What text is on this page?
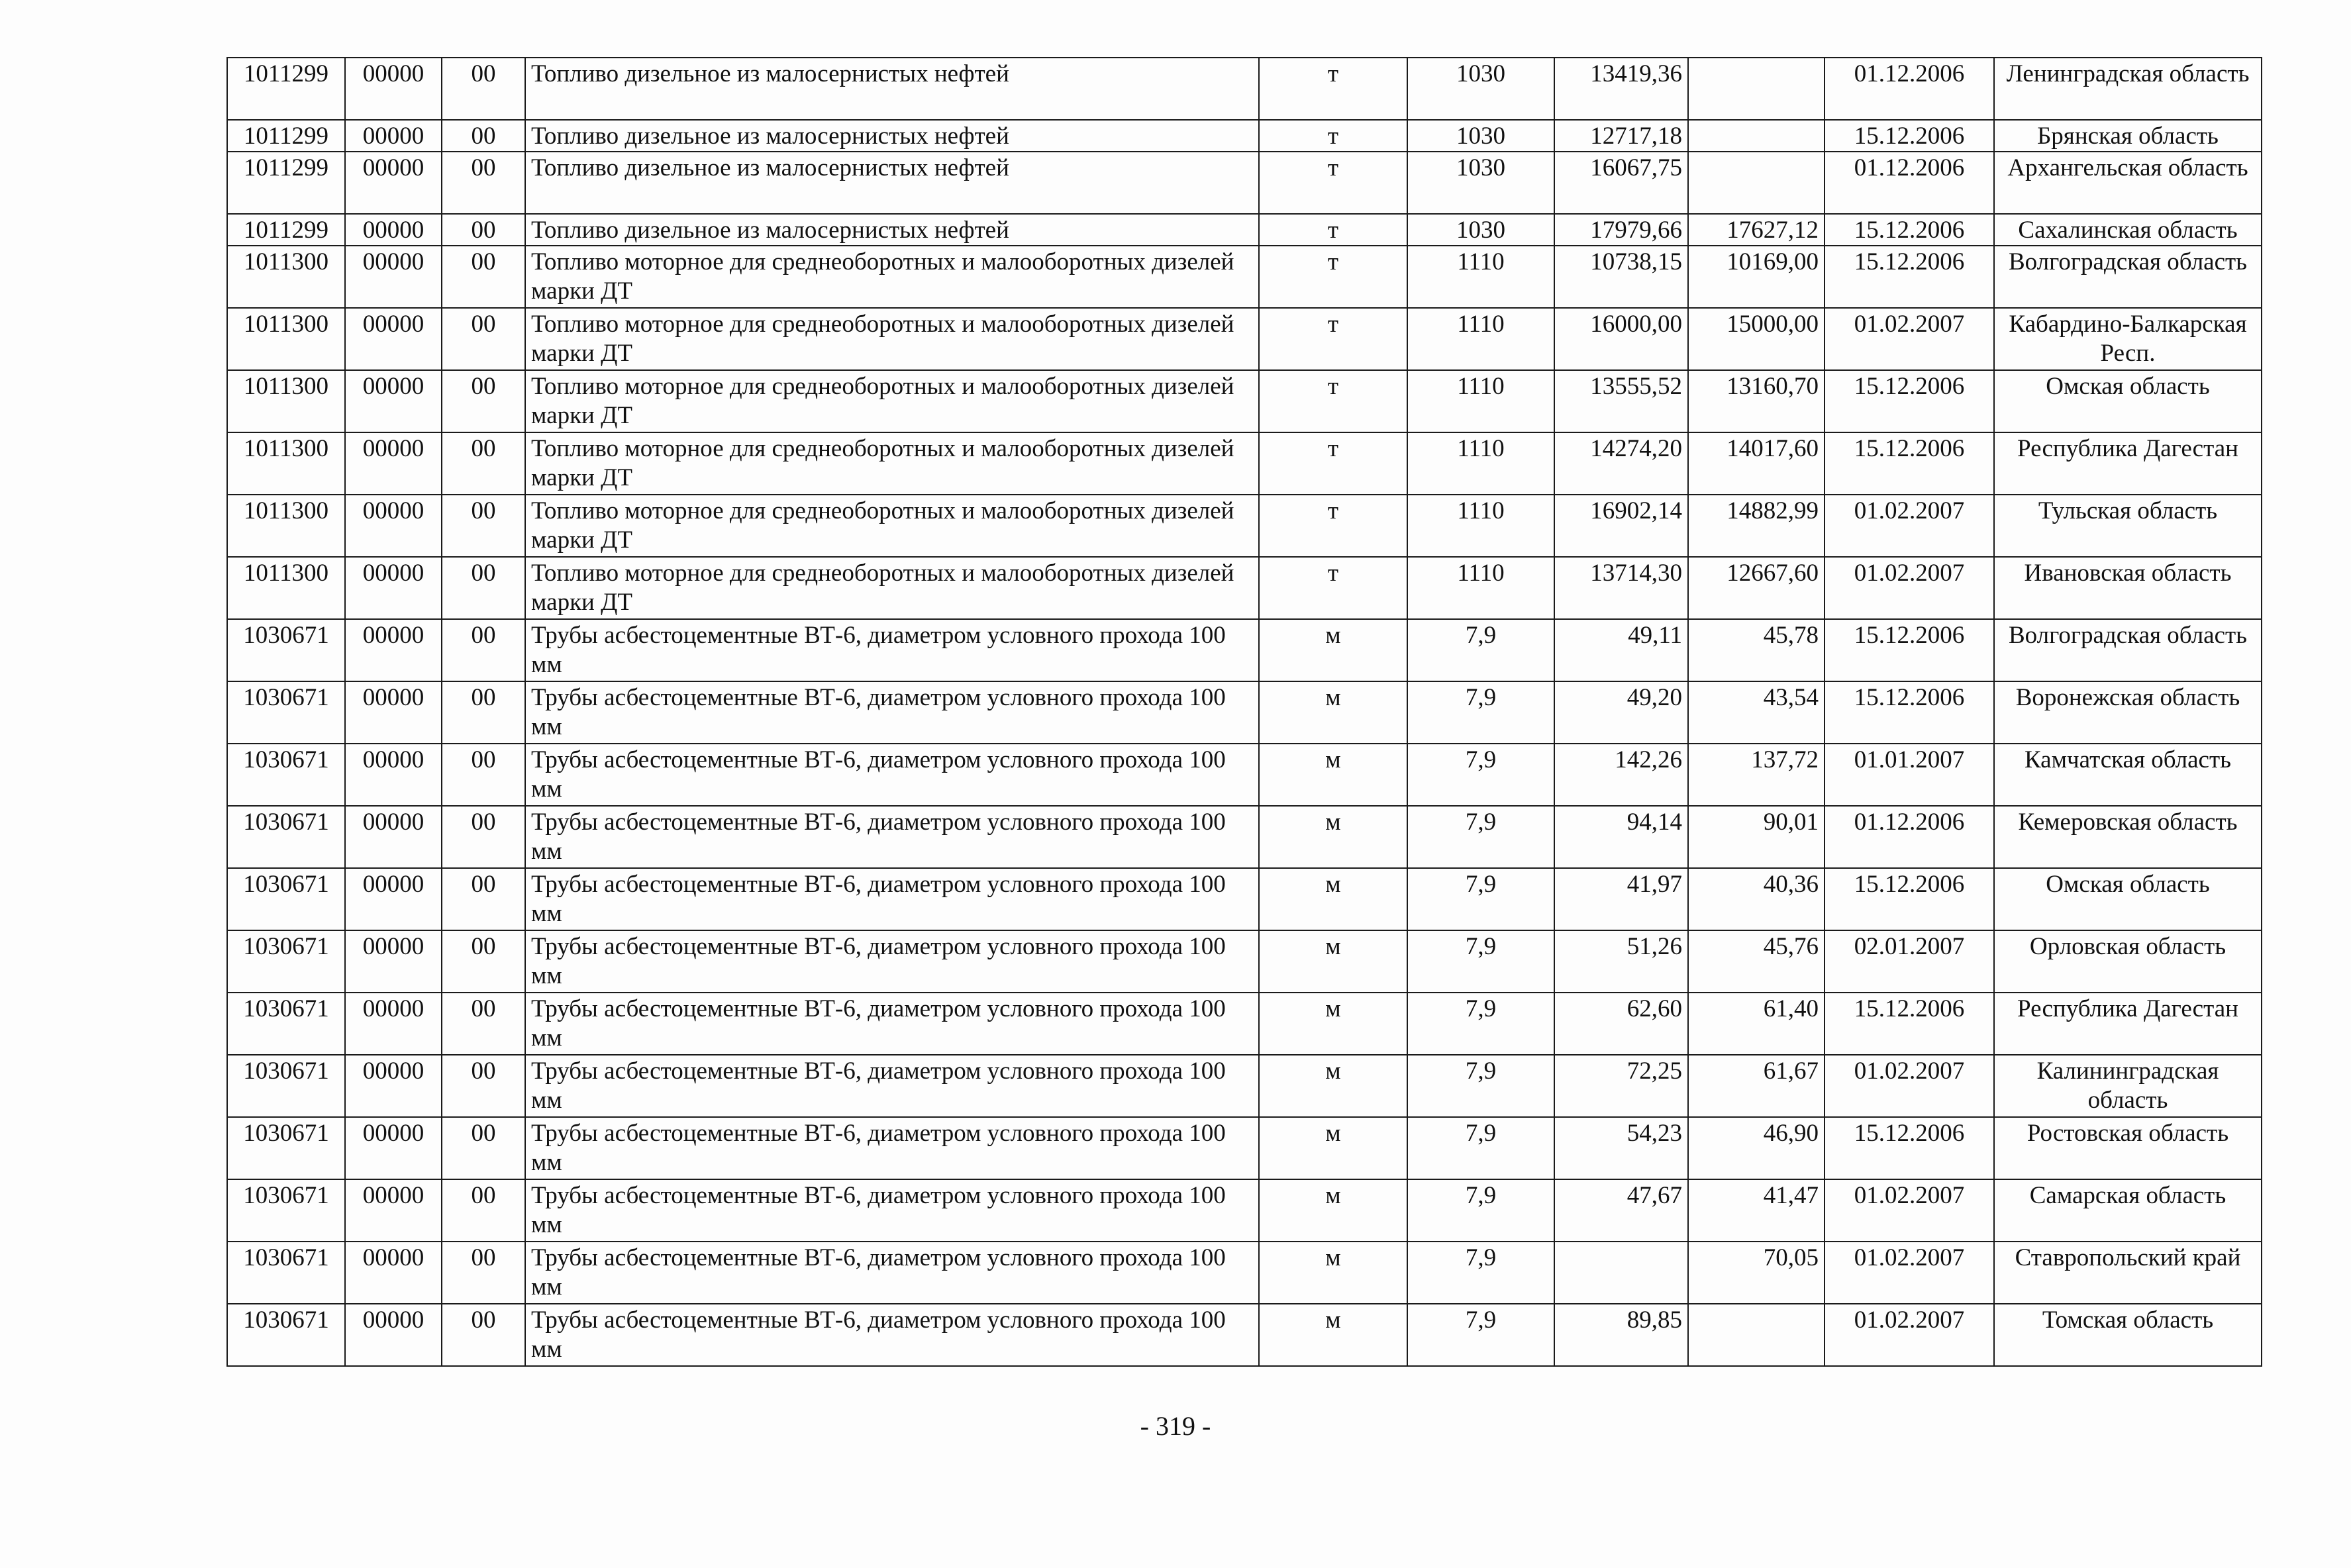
1011299	00000	00	Топливо дизельное из малосернистых нефтей	т	1030	13419,36		01.12.2006	Ленинградская область
1011299	00000	00	Топливо дизельное из малосернистых нефтей	т	1030	12717,18		15.12.2006	Брянская область
1011299	00000	00	Топливо дизельное из малосернистых нефтей	т	1030	16067,75		01.12.2006	Архангельская область
1011299	00000	00	Топливо дизельное из малосернистых нефтей	т	1030	17979,66	17627,12	15.12.2006	Сахалинская область
1011300	00000	00	Топливо моторное для среднеоборотных и малооборотных дизелей марки ДТ	т	1110	10738,15	10169,00	15.12.2006	Волгоградская область
1011300	00000	00	Топливо моторное для среднеоборотных и малооборотных дизелей марки ДТ	т	1110	16000,00	15000,00	01.02.2007	Кабардино-Балкарская Респ.
1011300	00000	00	Топливо моторное для среднеоборотных и малооборотных дизелей марки ДТ	т	1110	13555,52	13160,70	15.12.2006	Омская область
1011300	00000	00	Топливо моторное для среднеоборотных и малооборотных дизелей марки ДТ	т	1110	14274,20	14017,60	15.12.2006	Республика Дагестан
1011300	00000	00	Топливо моторное для среднеоборотных и малооборотных дизелей марки ДТ	т	1110	16902,14	14882,99	01.02.2007	Тульская область
1011300	00000	00	Топливо моторное для среднеоборотных и малооборотных дизелей марки ДТ	т	1110	13714,30	12667,60	01.02.2007	Ивановская область
1030671	00000	00	Трубы асбестоцементные ВТ-6, диаметром условного прохода 100 мм	м	7,9	49,11	45,78	15.12.2006	Волгоградская область
1030671	00000	00	Трубы асбестоцементные ВТ-6, диаметром условного прохода 100 мм	м	7,9	49,20	43,54	15.12.2006	Воронежская область
1030671	00000	00	Трубы асбестоцементные ВТ-6, диаметром условного прохода 100 мм	м	7,9	142,26	137,72	01.01.2007	Камчатская область
1030671	00000	00	Трубы асбестоцементные ВТ-6, диаметром условного прохода 100 мм	м	7,9	94,14	90,01	01.12.2006	Кемеровская область
1030671	00000	00	Трубы асбестоцементные ВТ-6, диаметром условного прохода 100 мм	м	7,9	41,97	40,36	15.12.2006	Омская область
1030671	00000	00	Трубы асбестоцементные ВТ-6, диаметром условного прохода 100 мм	м	7,9	51,26	45,76	02.01.2007	Орловская область
1030671	00000	00	Трубы асбестоцементные ВТ-6, диаметром условного прохода 100 мм	м	7,9	62,60	61,40	15.12.2006	Республика Дагестан
1030671	00000	00	Трубы асбестоцементные ВТ-6, диаметром условного прохода 100 мм	м	7,9	72,25	61,67	01.02.2007	Калининградская область
1030671	00000	00	Трубы асбестоцементные ВТ-6, диаметром условного прохода 100 мм	м	7,9	54,23	46,90	15.12.2006	Ростовская область
1030671	00000	00	Трубы асбестоцементные ВТ-6, диаметром условного прохода 100 мм	м	7,9	47,67	41,47	01.02.2007	Самарская область
1030671	00000	00	Трубы асбестоцементные ВТ-6, диаметром условного прохода 100 мм	м	7,9		70,05	01.02.2007	Ставропольский край
1030671	00000	00	Трубы асбестоцементные ВТ-6, диаметром условного прохода 100 мм	м	7,9	89,85		01.02.2007	Томская область
- 319 -
